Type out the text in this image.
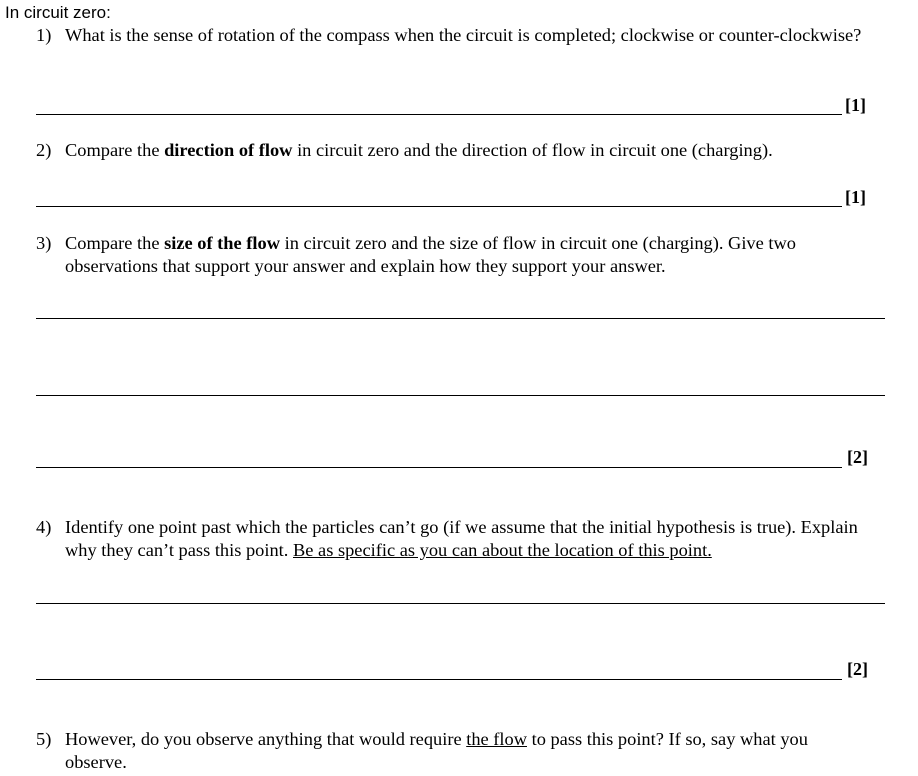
In circuit zero:
1) What is the sense of rotation of the compass when the circuit is completed; clockwise or counter-clockwise?
[1]
2) Compare the direction of flow in circuit zero and the direction of flow in circuit one (charging).
[1]
3) Compare the size of the flow in circuit zero and the size of flow in circuit one (charging). Give two observations that support your answer and explain how they support your answer.
[2]
4) Identify one point past which the particles can’t go (if we assume that the initial hypothesis is true). Explain why they can’t pass this point. Be as specific as you can about the location of this point.
[2]
5) However, do you observe anything that would require the flow to pass this point? If so, say what you observe.
